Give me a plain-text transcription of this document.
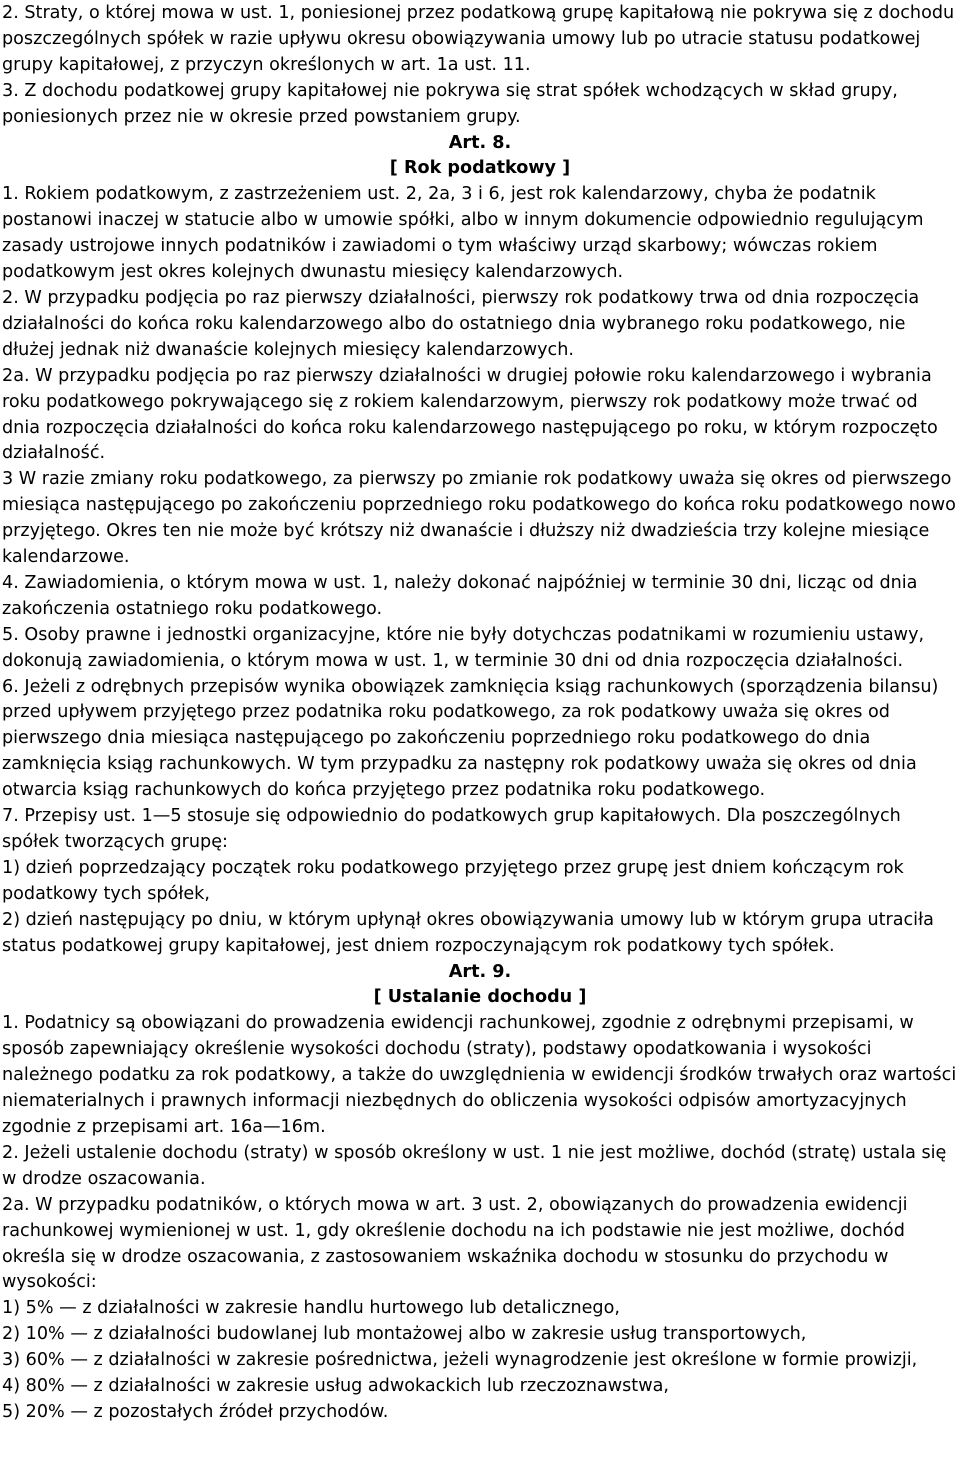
2. Straty, o której mowa w ust. 1, poniesionej przez podatkową grupę kapitałową nie pokrywa się z dochodu poszczególnych spółek w razie upływu okresu obowiązywania umowy lub po utracie statusu podatkowej grupy kapitałowej, z przyczyn określonych w art. 1a ust. 11.

3. Z dochodu podatkowej grupy kapitałowej nie pokrywa się strat spółek wchodzących w skład grupy, poniesionych przez nie w okresie przed powstaniem grupy.

Art. 8.

[ Rok podatkowy ]

1. Rokiem podatkowym, z zastrzeżeniem ust. 2, 2a, 3 i 6, jest rok kalendarzowy, chyba że podatnik postanowi inaczej w statucie albo w umowie spółki, albo w innym dokumencie odpowiednio regulującym zasady ustrojowe innych podatników i zawiadomi o tym właściwy urząd skarbowy; wówczas rokiem podatkowym jest okres kolejnych dwunastu miesięcy kalendarzowych.

2. W przypadku podjęcia po raz pierwszy działalności, pierwszy rok podatkowy trwa od dnia rozpoczęcia działalności do końca roku kalendarzowego albo do ostatniego dnia wybranego roku podatkowego, nie dłużej jednak niż dwanaście kolejnych miesięcy kalendarzowych.

2a. W przypadku podjęcia po raz pierwszy działalności w drugiej połowie roku kalendarzowego i wybrania roku podatkowego pokrywającego się z rokiem kalendarzowym, pierwszy rok podatkowy może trwać od dnia rozpoczęcia działalności do końca roku kalendarzowego następującego po roku, w którym rozpoczęto działalność.

3 W razie zmiany roku podatkowego, za pierwszy po zmianie rok podatkowy uważa się okres od pierwszego miesiąca następującego po zakończeniu poprzedniego roku podatkowego do końca roku podatkowego nowo przyjętego. Okres ten nie może być krótszy niż dwanaście i dłuższy niż dwadzieścia trzy kolejne miesiące kalendarzowe.

4. Zawiadomienia, o którym mowa w ust. 1, należy dokonać najpóźniej w terminie 30 dni, licząc od dnia zakończenia ostatniego roku podatkowego.

5. Osoby prawne i jednostki organizacyjne, które nie były dotychczas podatnikami w rozumieniu ustawy, dokonują zawiadomienia, o którym mowa w ust. 1, w terminie 30 dni od dnia rozpoczęcia działalności.

6. Jeżeli z odrębnych przepisów wynika obowiązek zamknięcia ksiąg rachunkowych (sporządzenia bilansu) przed upływem przyjętego przez podatnika roku podatkowego, za rok podatkowy uważa się okres od pierwszego dnia miesiąca następującego po zakończeniu poprzedniego roku podatkowego do dnia zamknięcia ksiąg rachunkowych. W tym przypadku za następny rok podatkowy uważa się okres od dnia otwarcia ksiąg rachunkowych do końca przyjętego przez podatnika roku podatkowego.

7. Przepisy ust. 1—5 stosuje się odpowiednio do podatkowych grup kapitałowych. Dla poszczególnych spółek tworzących grupę:

1) dzień poprzedzający początek roku podatkowego przyjętego przez grupę jest dniem kończącym rok podatkowy tych spółek,

2) dzień następujący po dniu, w którym upłynął okres obowiązywania umowy lub w którym grupa utraciła status podatkowej grupy kapitałowej, jest dniem rozpoczynającym rok podatkowy tych spółek.

Art. 9.

[ Ustalanie dochodu ]

1. Podatnicy są obowiązani do prowadzenia ewidencji rachunkowej, zgodnie z odrębnymi przepisami, w sposób zapewniający określenie wysokości dochodu (straty), podstawy opodatkowania i wysokości należnego podatku za rok podatkowy, a także do uwzględnienia w ewidencji środków trwałych oraz wartości niematerialnych i prawnych informacji niezbędnych do obliczenia wysokości odpisów amortyzacyjnych zgodnie z przepisami art. 16a—16m.

2. Jeżeli ustalenie dochodu (straty) w sposób określony w ust. 1 nie jest możliwe, dochód (stratę) ustala się w drodze oszacowania.

2a. W przypadku podatników, o których mowa w art. 3 ust. 2, obowiązanych do prowadzenia ewidencji rachunkowej wymienionej w ust. 1, gdy określenie dochodu na ich podstawie nie jest możliwe, dochód określa się w drodze oszacowania, z zastosowaniem wskaźnika dochodu w stosunku do przychodu w wysokości:

1) 5% — z działalności w zakresie handlu hurtowego lub detalicznego,

2) 10% — z działalności budowlanej lub montażowej albo w zakresie usług transportowych,

3) 60% — z działalności w zakresie pośrednictwa, jeżeli wynagrodzenie jest określone w formie prowizji,

4) 80% — z działalności w zakresie usług adwokackich lub rzeczoznawstwa,

5) 20% — z pozostałych źródeł przychodów.
